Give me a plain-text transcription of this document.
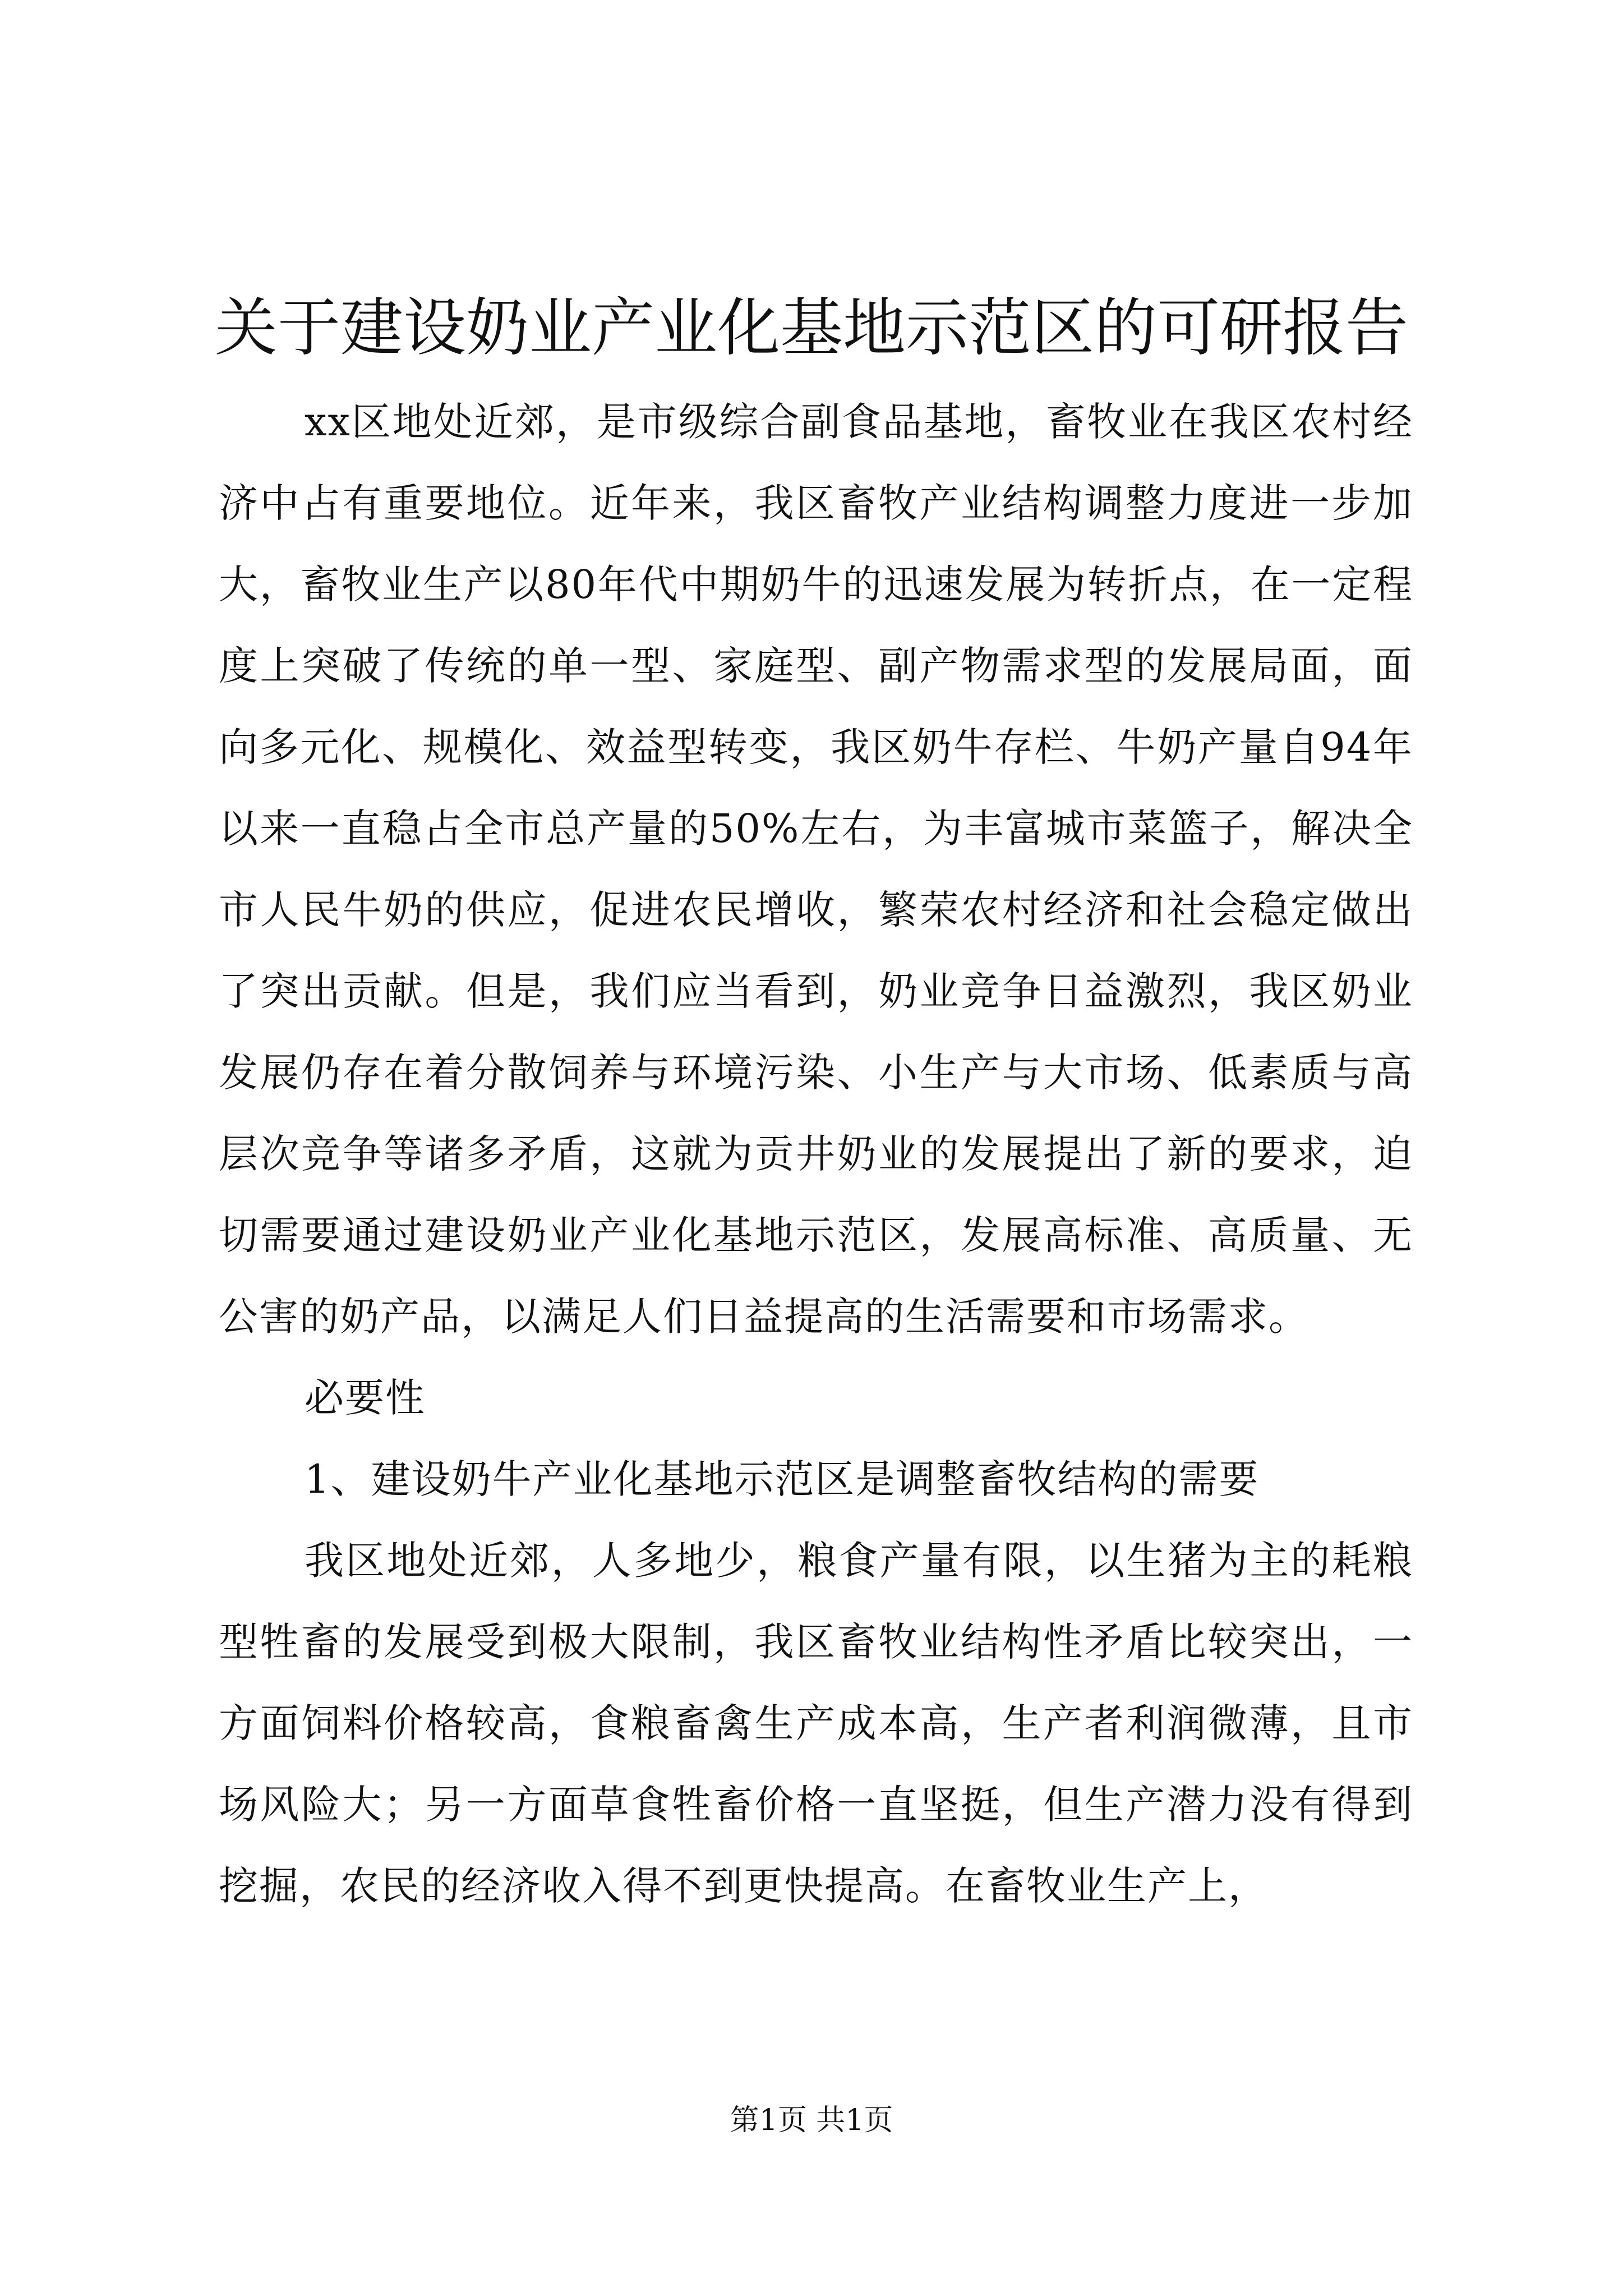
关于建设奶业产业化基地示范区的可研报告

xx区地处近郊，是市级综合副食品基地，畜牧业在我区农村经济中占有重要地位。近年来，我区畜牧产业结构调整力度进一步加大，畜牧业生产以80年代中期奶牛的迅速发展为转折点，在一定程度上突破了传统的单一型、家庭型、副产物需求型的发展局面，面向多元化、规模化、效益型转变，我区奶牛存栏、牛奶产量自94年以来一直稳占全市总产量的50%左右，为丰富城市菜篮子，解决全市人民牛奶的供应，促进农民增收，繁荣农村经济和社会稳定做出了突出贡献。但是，我们应当看到，奶业竞争日益激烈，我区奶业发展仍存在着分散饲养与环境污染、小生产与大市场、低素质与高层次竞争等诸多矛盾，这就为贡井奶业的发展提出了新的要求，迫切需要通过建设奶业产业化基地示范区，发展高标准、高质量、无公害的奶产品，以满足人们日益提高的生活需要和市场需求。

必要性

1、建设奶牛产业化基地示范区是调整畜牧结构的需要

我区地处近郊，人多地少，粮食产量有限，以生猪为主的耗粮型牲畜的发展受到极大限制，我区畜牧业结构性矛盾比较突出，一方面饲料价格较高，食粮畜禽生产成本高，生产者利润微薄，且市场风险大；另一方面草食牲畜价格一直坚挺，但生产潜力没有得到挖掘，农民的经济收入得不到更快提高。在畜牧业生产上，

第1页 共1页
